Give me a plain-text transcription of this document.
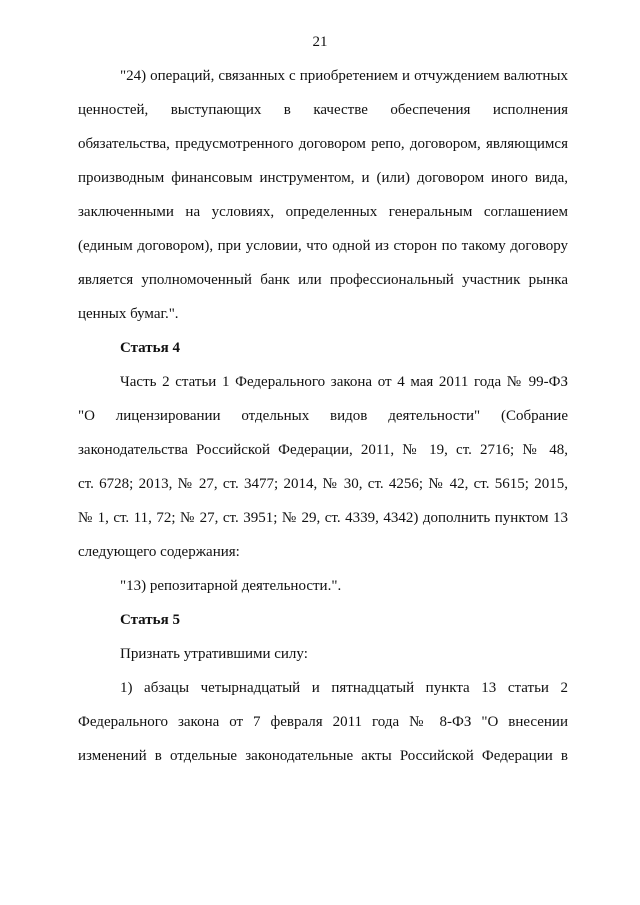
21
"24) операций, связанных с приобретением и отчуждением валютных
ценностей, выступающих в качестве обеспечения исполнения
обязательства, предусмотренного договором репо, договором, являющимся
производным финансовым инструментом, и (или) договором иного вида,
заключенными на условиях, определенных генеральным соглашением
(единым договором), при условии, что одной из сторон по такому договору
является уполномоченный банк или профессиональный участник рынка
ценных бумаг.".
Статья 4
Часть 2 статьи 1 Федерального закона от 4 мая 2011 года № 99-ФЗ
"О лицензировании отдельных видов деятельности" (Собрание
законодательства Российской Федерации, 2011, № 19, ст. 2716; № 48,
ст. 6728; 2013, № 27, ст. 3477; 2014, № 30, ст. 4256; № 42, ст. 5615; 2015,
№ 1, ст. 11, 72; № 27, ст. 3951; № 29, ст. 4339, 4342) дополнить пунктом 13
следующего содержания:
"13) репозитарной деятельности.".
Статья 5
Признать утратившими силу:
1) абзацы четырнадцатый и пятнадцатый пункта 13 статьи 2
Федерального закона от 7 февраля 2011 года № 8-ФЗ "О внесении
изменений в отдельные законодательные акты Российской Федерации в
